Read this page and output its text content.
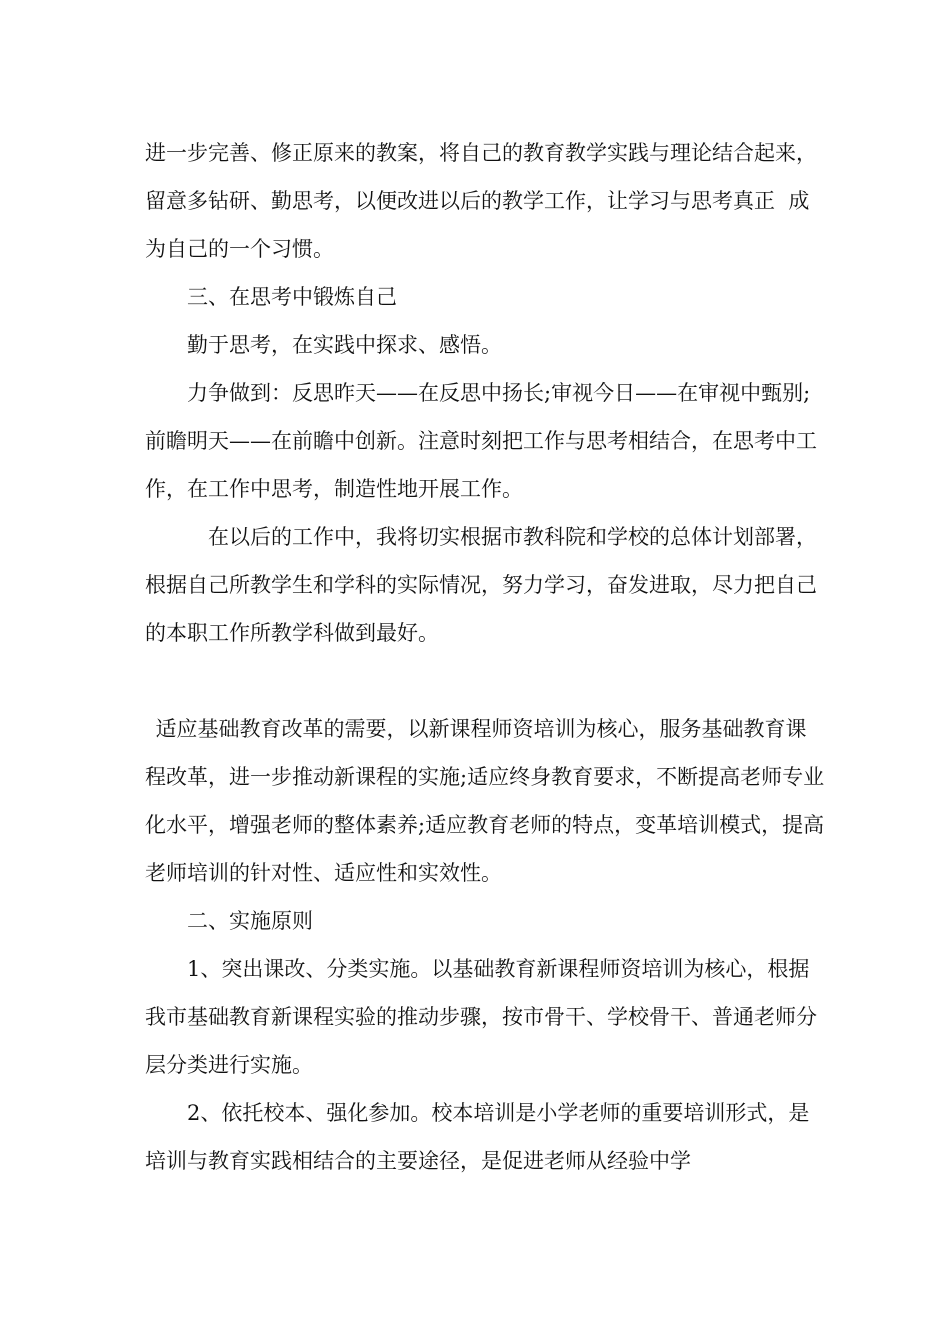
进一步完善、修正原来的教案，将自己的教育教学实践与理论结合起来，留意多钻研、勤思考，以便改进以后的教学工作，让学习与思考真正  成为自己的一个习惯。

三、在思考中锻炼自己

勤于思考，在实践中探求、感悟。

力争做到：反思昨天——在反思中扬长;审视今日——在审视中甄别;前瞻明天——在前瞻中创新。注意时刻把工作与思考相结合，在思考中工作，在工作中思考，制造性地开展工作。

在以后的工作中，我将切实根据市教科院和学校的总体计划部署，根据自己所教学生和学科的实际情况，努力学习，奋发进取，尽力把自己的本职工作所教学科做到最好。

适应基础教育改革的需要，以新课程师资培训为核心，服务基础教育课程改革，进一步推动新课程的实施;适应终身教育要求，不断提高老师专业化水平，增强老师的整体素养;适应教育老师的特点，变革培训模式，提高老师培训的针对性、适应性和实效性。

二、实施原则

1、突出课改、分类实施。以基础教育新课程师资培训为核心，根据我市基础教育新课程实验的推动步骤，按市骨干、学校骨干、普通老师分层分类进行实施。

2、依托校本、强化参加。校本培训是小学老师的重要培训形式，是培训与教育实践相结合的主要途径，是促进老师从经验中学
